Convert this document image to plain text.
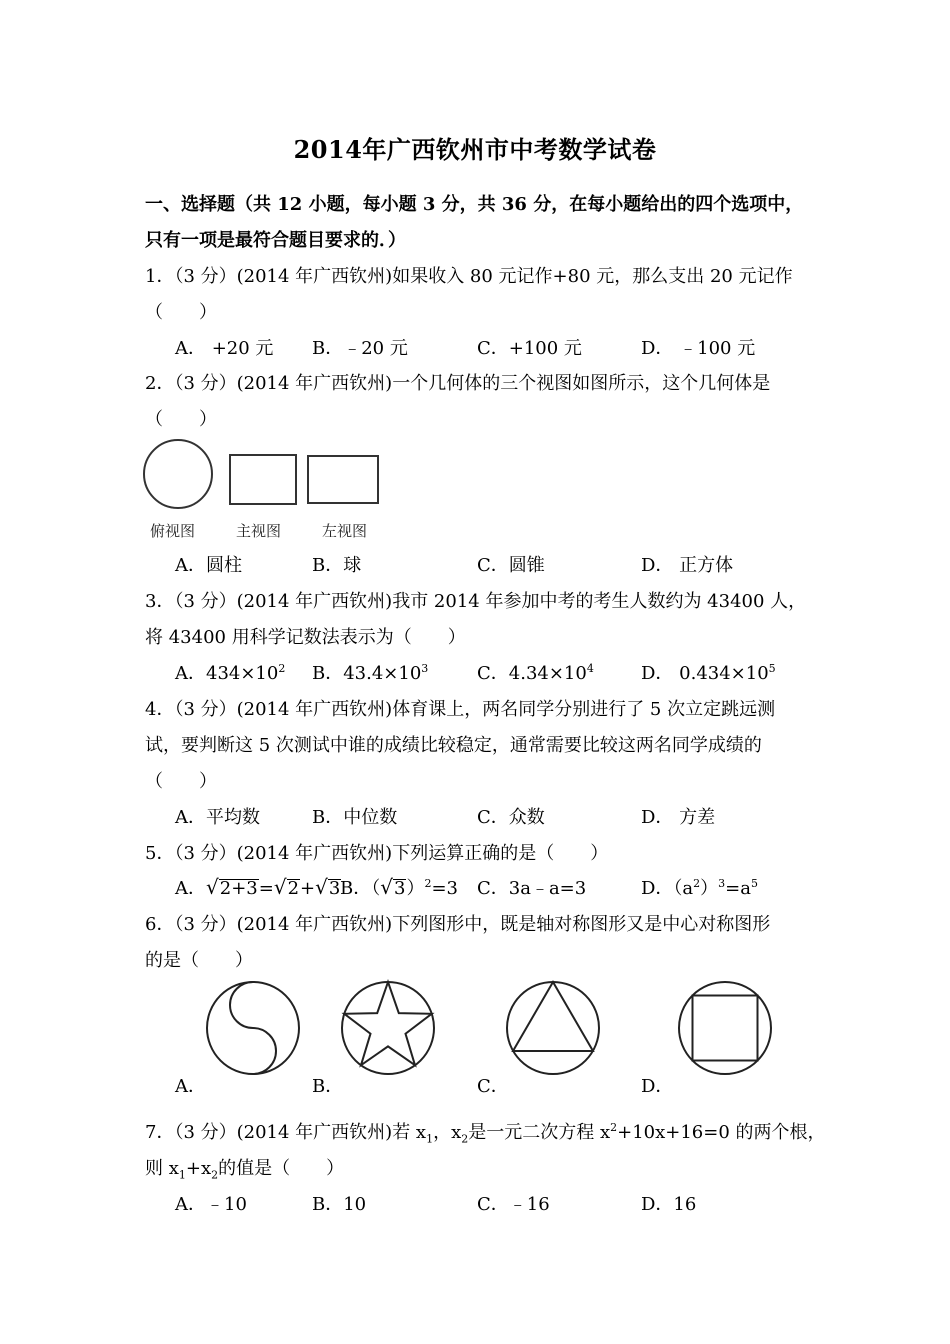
2014年广西钦州市中考数学试卷
一、选择题（共 12 小题，每小题 3 分，共 36 分，在每小题给出的四个选项中，
只有一项是最符合题目要求的．）
1．（3 分）(2014 年广西钦州)如果收入 80 元记作+80 元，那么支出 20 元记作
（　　）
A． +20 元 B．﹣20 元	C．+100 元	D． ﹣100 元
2．（3 分）(2014 年广西钦州)一个几何体的三个视图如图所示，这个几何体是
（　　）
俯视图	主视图	左视图
A．圆柱	B．球	C．圆锥	D． 正方体
3．（3 分）(2014 年广西钦州)我市 2014 年参加中考的考生人数约为 43400 人，
将 43400 用科学记数法表示为（　　）
A．$434\times 10^2$ B．$43.4\times 10^3$	C．$4.34\times 10^4$	D． $0.434\times 10^5$
4．（3 分）(2014 年广西钦州)体育课上，两名同学分别进行了 5 次立定跳远测
试，要判断这 5 次测试中谁的成绩比较稳定，通常需要比较这两名同学成绩的
（　　）
A．平均数	B．中位数	C．众数	D． 方差
5．（3 分）(2014 年广西钦州)下列运算正确的是（　　）
A．√2+3=√2+√3 B．$(√3)^2=3$ C．3a﹣a=3	D．$(a^2)^3=a^5$
6．（3 分）(2014 年广西钦州)下列图形中，既是轴对称图形又是中心对称图形
的是（　　）
A．	B．	C．	D．
7．（3 分）(2014 年广西钦州)若 $x_1$，$x_2$是一元二次方程 $x^2+10x+16=0$ 的两个根，
则 $x_1+x_2$的值是（　　）
A．﹣10	B．10	C．﹣16	D．16
